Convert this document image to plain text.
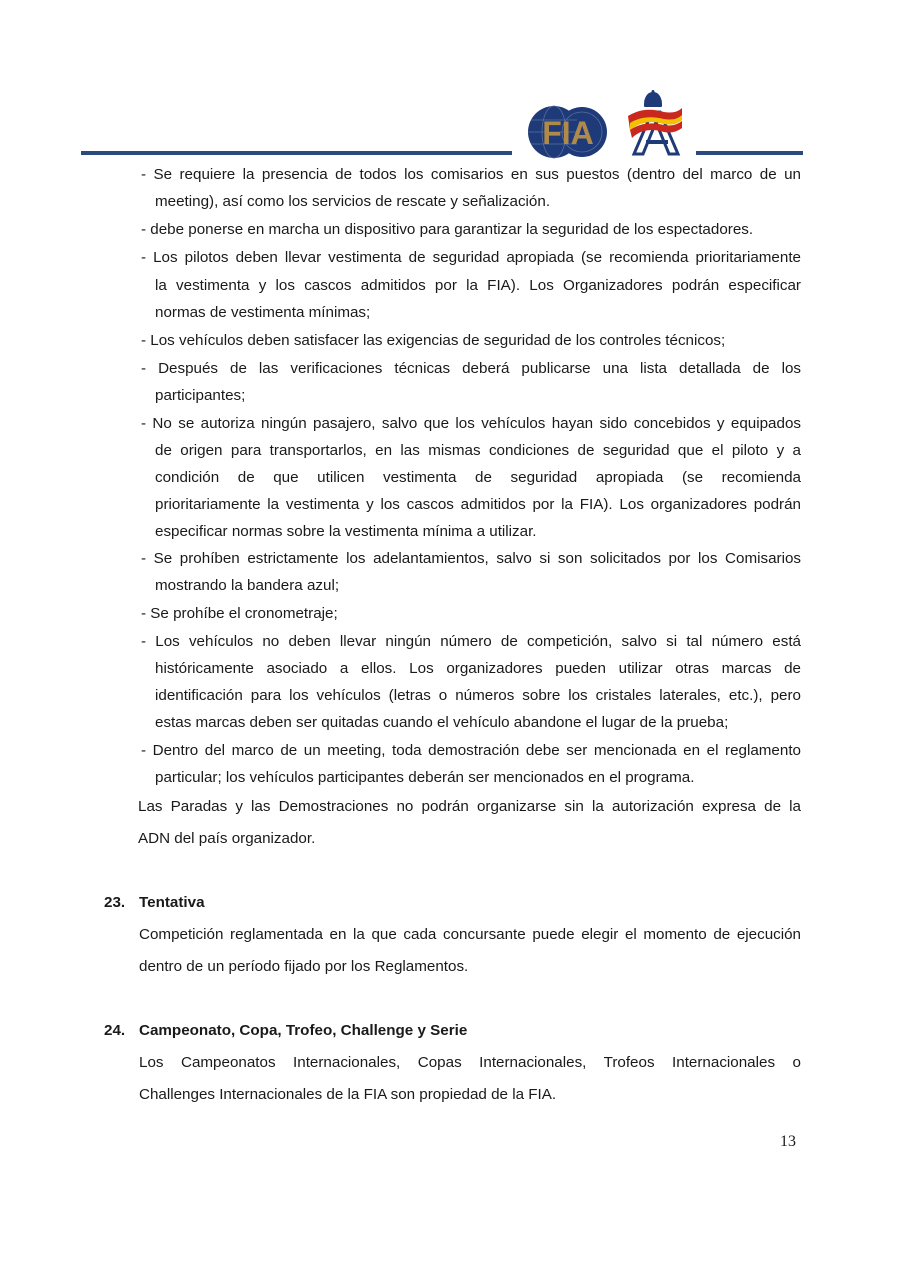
FIA
- Se requiere la presencia de todos los comisarios en sus puestos (dentro del marco de un
meeting), así como los servicios de rescate y señalización.
- debe ponerse en marcha un dispositivo para garantizar la seguridad de los espectadores.
- Los pilotos deben llevar vestimenta de seguridad apropiada (se recomienda prioritariamente
la vestimenta y los cascos admitidos por la FIA). Los Organizadores podrán especificar
normas de vestimenta mínimas;
- Los vehículos deben satisfacer las exigencias de seguridad de los controles técnicos;
- Después de las verificaciones técnicas deberá publicarse una lista detallada de los
participantes;
- No se autoriza ningún pasajero, salvo que los vehículos hayan sido concebidos y equipados
de origen para transportarlos, en las mismas condiciones de seguridad que el piloto y a
condición de que utilicen vestimenta de seguridad apropiada (se recomienda
prioritariamente la vestimenta y los cascos admitidos por la FIA). Los organizadores podrán
especificar normas sobre la vestimenta mínima a utilizar.
- Se prohíben estrictamente los adelantamientos, salvo si son solicitados por los Comisarios
mostrando la bandera azul;
- Se prohíbe el cronometraje;
- Los vehículos no deben llevar ningún número de competición, salvo si tal número está
históricamente asociado a ellos. Los organizadores pueden utilizar otras marcas de
identificación para los vehículos (letras o números sobre los cristales laterales, etc.), pero
estas marcas deben ser quitadas cuando el vehículo abandone el lugar de la prueba;
- Dentro del marco de un meeting, toda demostración debe ser mencionada en el reglamento
particular; los vehículos participantes deberán ser mencionados en el programa.
Las Paradas y las Demostraciones no podrán organizarse sin la autorización expresa de la
ADN del país organizador.
23. Tentativa
Competición reglamentada en la que cada concursante puede elegir el momento de ejecución
dentro de un período fijado por los Reglamentos.
24. Campeonato, Copa, Trofeo, Challenge y Serie
Los Campeonatos Internacionales, Copas Internacionales, Trofeos Internacionales o
Challenges Internacionales de la FIA son propiedad de la FIA.
13
